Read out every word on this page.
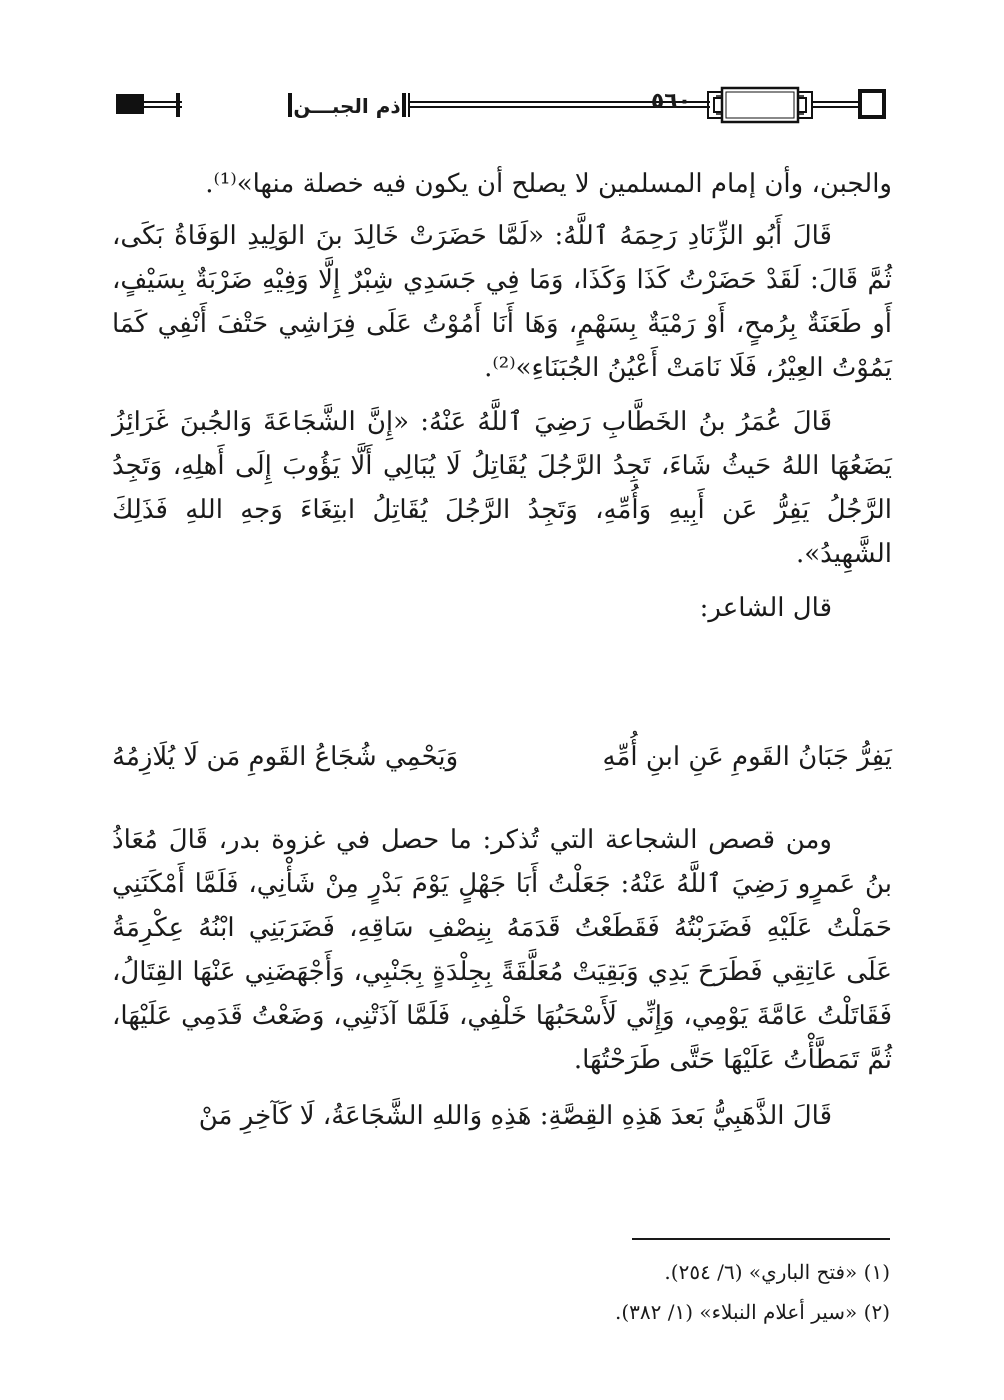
ذم الجبـــن	٥٦٠

والجبن، وأن إمام المسلمين لا يصلح أن يكون فيه خصلة منها»⁽¹⁾.

قَالَ أَبُو الزِّنَادِ رَحِمَهُ ٱللَّهُ: «لَمَّا حَضَرَتْ خَالِدَ بنَ الوَلِيدِ الوَفَاةُ بَكَى، ثُمَّ قَالَ: لَقَدْ حَضَرْتُ كَذَا وَكَذَا، وَمَا فِي جَسَدِي شِبْرٌ إِلَّا وَفِيْهِ ضَرْبَةٌ بِسَيْفٍ، أَو طَعَنَةٌ بِرُمحٍ، أَوْ رَمْيَةٌ بِسَهْمٍ، وَهَا أَنَا أَمُوْتُ عَلَى فِرَاشِي حَتْفَ أَنْفِي كَمَا يَمُوْتُ العِيْرُ، فَلَا نَامَتْ أَعْيُنُ الجُبَنَاءِ»⁽²⁾.

قَالَ عُمَرُ بنُ الخَطَّابِ رَضِيَ ٱللَّهُ عَنْهُ: «إِنَّ الشَّجَاعَةَ وَالجُبنَ غَرَائِزُ يَضَعُهَا اللهُ حَيثُ شَاءَ، تَجِدُ الرَّجُلَ يُقَاتِلُ لَا يُبَالِي أَلَّا يَؤُوبَ إِلَى أَهلِهِ، وَتَجِدُ الرَّجُلُ يَفِرُّ عَن أَبِيهِ وَأُمِّهِ، وَتَجِدُ الرَّجُلَ يُقَاتِلُ ابتِغَاءَ وَجهِ اللهِ فَذَلِكَ الشَّهِيدُ».

قال الشاعر:

يَفِرُّ جَبَانُ القَومِ عَنِ ابنِ أُمِّهِ
وَيَحْمِي شُجَاعُ القَومِ مَن لَا يُلَازِمُهُ

ومن قصص الشجاعة التي تُذكر: ما حصل في غزوة بدر، قَالَ مُعَاذُ بنُ عَمرٍو رَضِيَ ٱللَّهُ عَنْهُ: جَعَلْتُ أَبَا جَهْلٍ يَوْمَ بَدْرٍ مِنْ شَأْنِي، فَلَمَّا أَمْكَنَنِي حَمَلْتُ عَلَيْهِ فَضَرَبْتُهُ فَقَطَعْتُ قَدَمَهُ بِنِصْفِ سَاقِهِ، فَضَرَبَنِي ابْنُهُ عِكْرِمَةُ عَلَى عَاتِقِي فَطَرَحَ يَدِي وَبَقِيَتْ مُعَلَّقَةً بِجِلْدَةٍ بِجَنْبِي، وَأَجْهَضَنِي عَنْهَا القِتَالُ، فَقَاتَلْتُ عَامَّةَ يَوْمِي، وَإِنِّي لَأَسْحَبُهَا خَلْفِي، فَلَمَّا آذَتْنِي، وَضَعْتُ قَدَمِي عَلَيْهَا، ثُمَّ تَمَطَّأْتُ عَلَيْهَا حَتَّى طَرَحْتُهَا.

قَالَ الذَّهَبِيُّ بَعدَ هَذِهِ القِصَّةِ: هَذِهِ وَاللهِ الشَّجَاعَةُ، لَا كَآخِرِ مَنْ

(١) «فتح الباري» (٦/ ٢٥٤).

(٢) «سير أعلام النبلاء» (١/ ٣٨٢).
